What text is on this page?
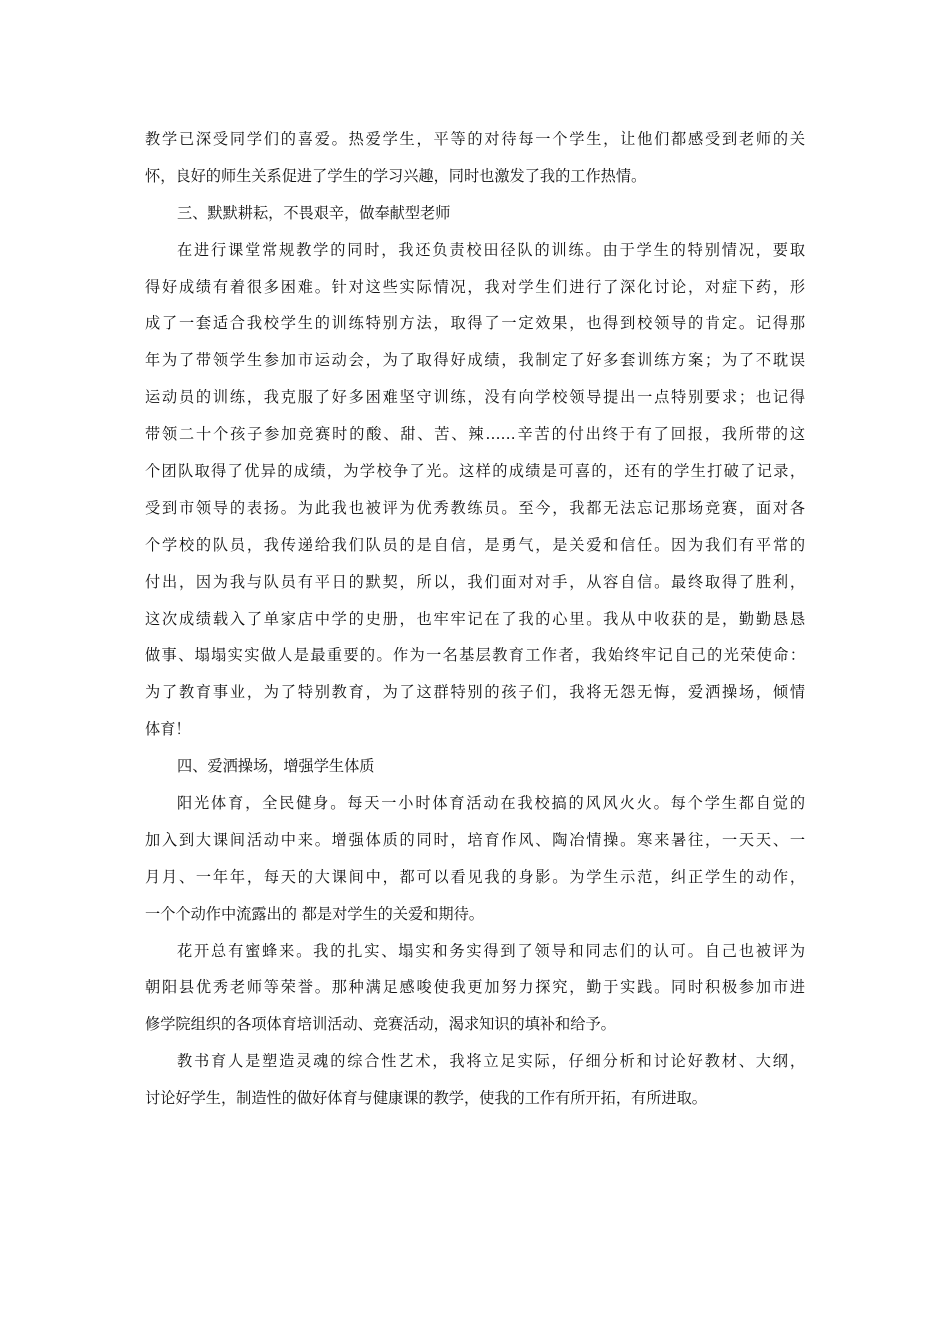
教学已深受同学们的喜爱。热爱学生，平等的对待每一个学生，让他们都感受到老师的关
怀，良好的师生关系促进了学生的学习兴趣，同时也激发了我的工作热情。
三、默默耕耘，不畏艰辛，做奉献型老师
在进行课堂常规教学的同时，我还负责校田径队的训练。由于学生的特别情况，要取
得好成绩有着很多困难。针对这些实际情况，我对学生们进行了深化讨论，对症下药，形
成了一套适合我校学生的训练特别方法，取得了一定效果，也得到校领导的肯定。记得那
年为了带领学生参加市运动会，为了取得好成绩，我制定了好多套训练方案；为了不耽误
运动员的训练，我克服了好多困难坚守训练，没有向学校领导提出一点特别要求；也记得
带领二十个孩子参加竞赛时的酸、甜、苦、辣……辛苦的付出终于有了回报，我所带的这
个团队取得了优异的成绩，为学校争了光。这样的成绩是可喜的，还有的学生打破了记录，
受到市领导的表扬。为此我也被评为优秀教练员。至今，我都无法忘记那场竞赛，面对各
个学校的队员，我传递给我们队员的是自信，是勇气，是关爱和信任。因为我们有平常的
付出，因为我与队员有平日的默契，所以，我们面对对手，从容自信。最终取得了胜利，
这次成绩载入了单家店中学的史册，也牢牢记在了我的心里。我从中收获的是，勤勤恳恳
做事、塌塌实实做人是最重要的。作为一名基层教育工作者，我始终牢记自己的光荣使命：
为了教育事业，为了特别教育，为了这群特别的孩子们，我将无怨无悔，爱洒操场，倾情
体育！
四、爱洒操场，增强学生体质
阳光体育，全民健身。每天一小时体育活动在我校搞的风风火火。每个学生都自觉的
加入到大课间活动中来。增强体质的同时，培育作风、陶冶情操。寒来暑往，一天天、一
月月、一年年，每天的大课间中，都可以看见我的身影。为学生示范，纠正学生的动作，
一个个动作中流露出的 都是对学生的关爱和期待。
花开总有蜜蜂来。我的扎实、塌实和务实得到了领导和同志们的认可。自己也被评为
朝阳县优秀老师等荣誉。那种满足感唆使我更加努力探究，勤于实践。同时积极参加市进
修学院组织的各项体育培训活动、竞赛活动，渴求知识的填补和给予。
教书育人是塑造灵魂的综合性艺术，我将立足实际，仔细分析和讨论好教材、大纲，
讨论好学生，制造性的做好体育与健康课的教学，使我的工作有所开拓，有所进取。
